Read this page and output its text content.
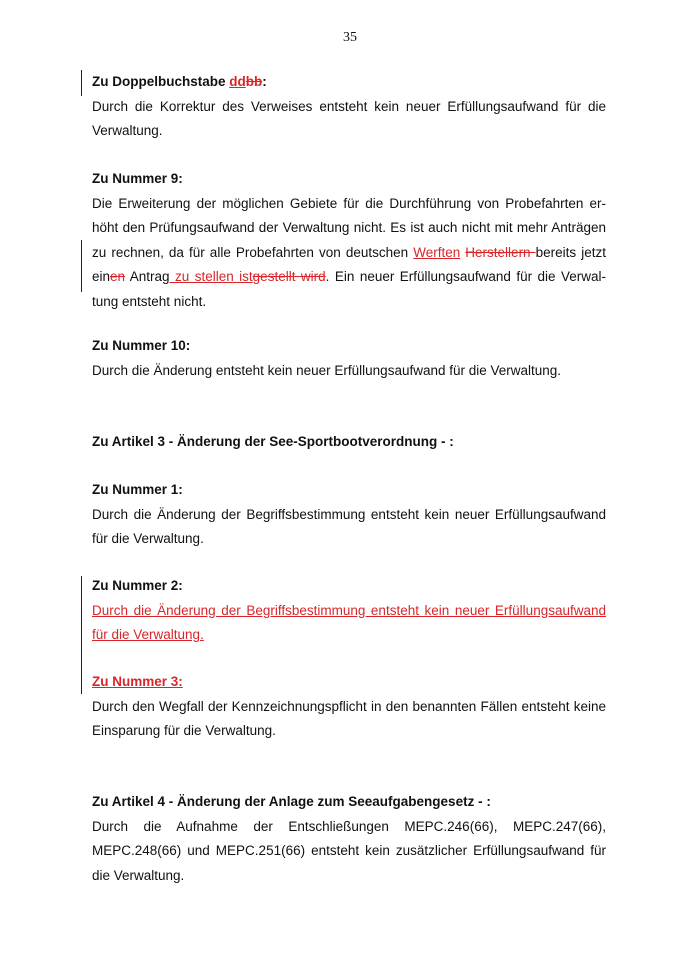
35
Zu Doppelbuchstabe ddbb:
Durch die Korrektur des Verweises entsteht kein neuer Erfüllungsaufwand für die
Verwaltung.
Zu Nummer 9:
Die Erweiterung der möglichen Gebiete für die Durchführung von Probefahrten er-
höht den Prüfungsaufwand der Verwaltung nicht. Es ist auch nicht mit mehr Anträgen
zu rechnen, da für alle Probefahrten von deutschen Werften Herstellern bereits jetzt
einen Antrag zu stellen istgestellt wird. Ein neuer Erfüllungsaufwand für die Verwal-
tung entsteht nicht.
Zu Nummer 10:
Durch die Änderung entsteht kein neuer Erfüllungsaufwand für die Verwaltung.
Zu Artikel 3 - Änderung der See-Sportbootverordnung - :
Zu Nummer 1:
Durch die Änderung der Begriffsbestimmung entsteht kein neuer Erfüllungsaufwand
für die Verwaltung.
Zu Nummer 2:
Durch die Änderung der Begriffsbestimmung entsteht kein neuer Erfüllungsaufwand
für die Verwaltung.
Zu Nummer 3:
Durch den Wegfall der Kennzeichnungspflicht in den benannten Fällen entsteht keine
Einsparung für die Verwaltung.
Zu Artikel 4 - Änderung der Anlage zum Seeaufgabengesetz - :
Durch die Aufnahme der Entschließungen MEPC.246(66), MEPC.247(66),
MEPC.248(66) und MEPC.251(66) entsteht kein zusätzlicher Erfüllungsaufwand für
die Verwaltung.
